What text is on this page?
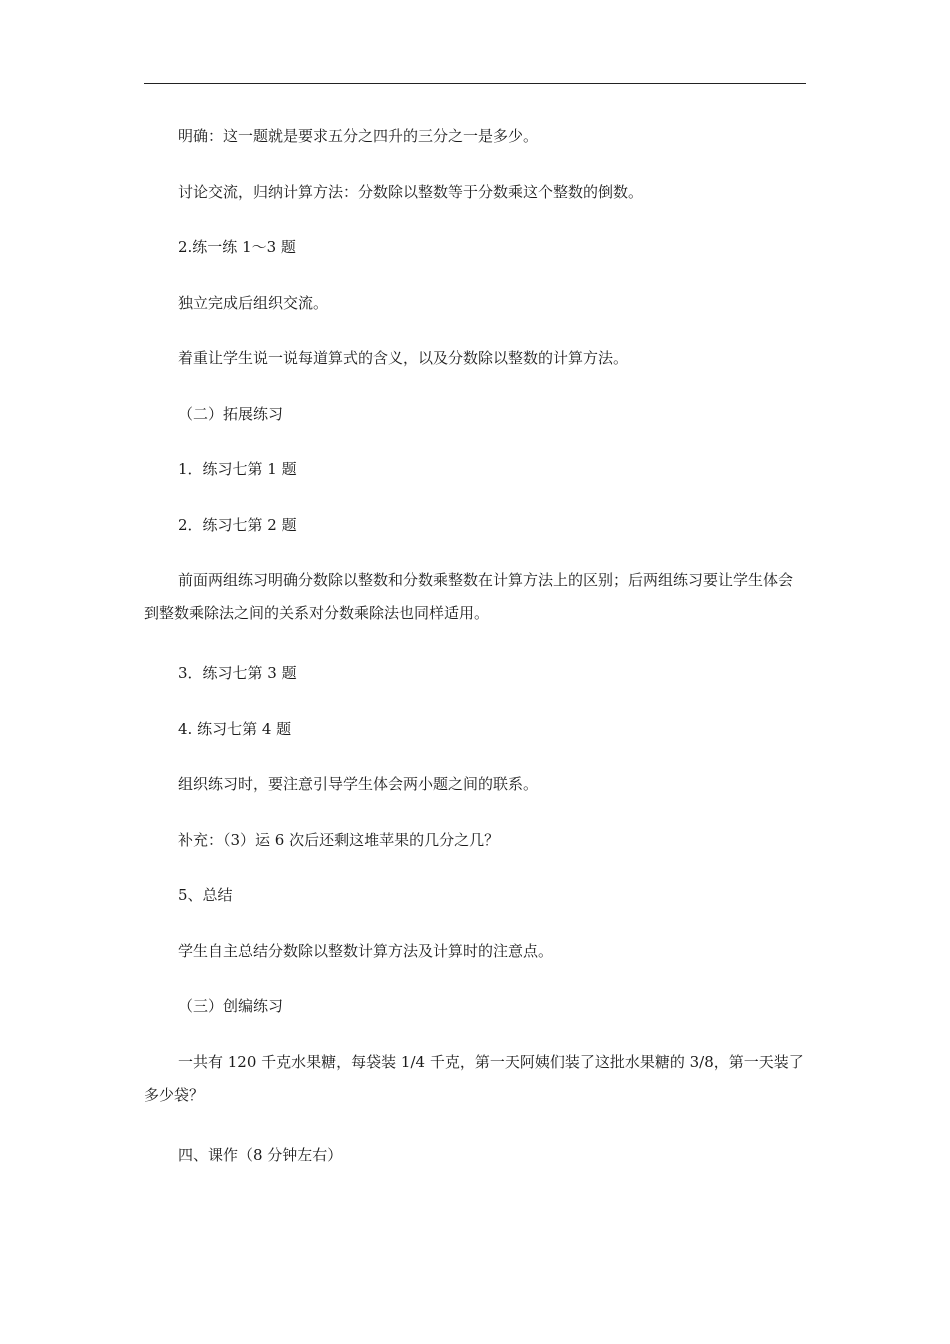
明确：这一题就是要求五分之四升的三分之一是多少。

讨论交流，归纳计算方法：分数除以整数等于分数乘这个整数的倒数。

2.练一练 1～3 题

独立完成后组织交流。

着重让学生说一说每道算式的含义，以及分数除以整数的计算方法。

（二）拓展练习

1．练习七第 1 题

2．练习七第 2 题

前面两组练习明确分数除以整数和分数乘整数在计算方法上的区别；后两组练习要让学生体会到整数乘除法之间的关系对分数乘除法也同样适用。

3．练习七第 3 题

4. 练习七第 4 题

组织练习时，要注意引导学生体会两小题之间的联系。

补充：（3）运 6 次后还剩这堆苹果的几分之几？

5、总结

学生自主总结分数除以整数计算方法及计算时的注意点。

（三）创编练习

一共有 120 千克水果糖，每袋装 1/4 千克，第一天阿姨们装了这批水果糖的 3/8，第一天装了多少袋？

四、课作（8 分钟左右）
